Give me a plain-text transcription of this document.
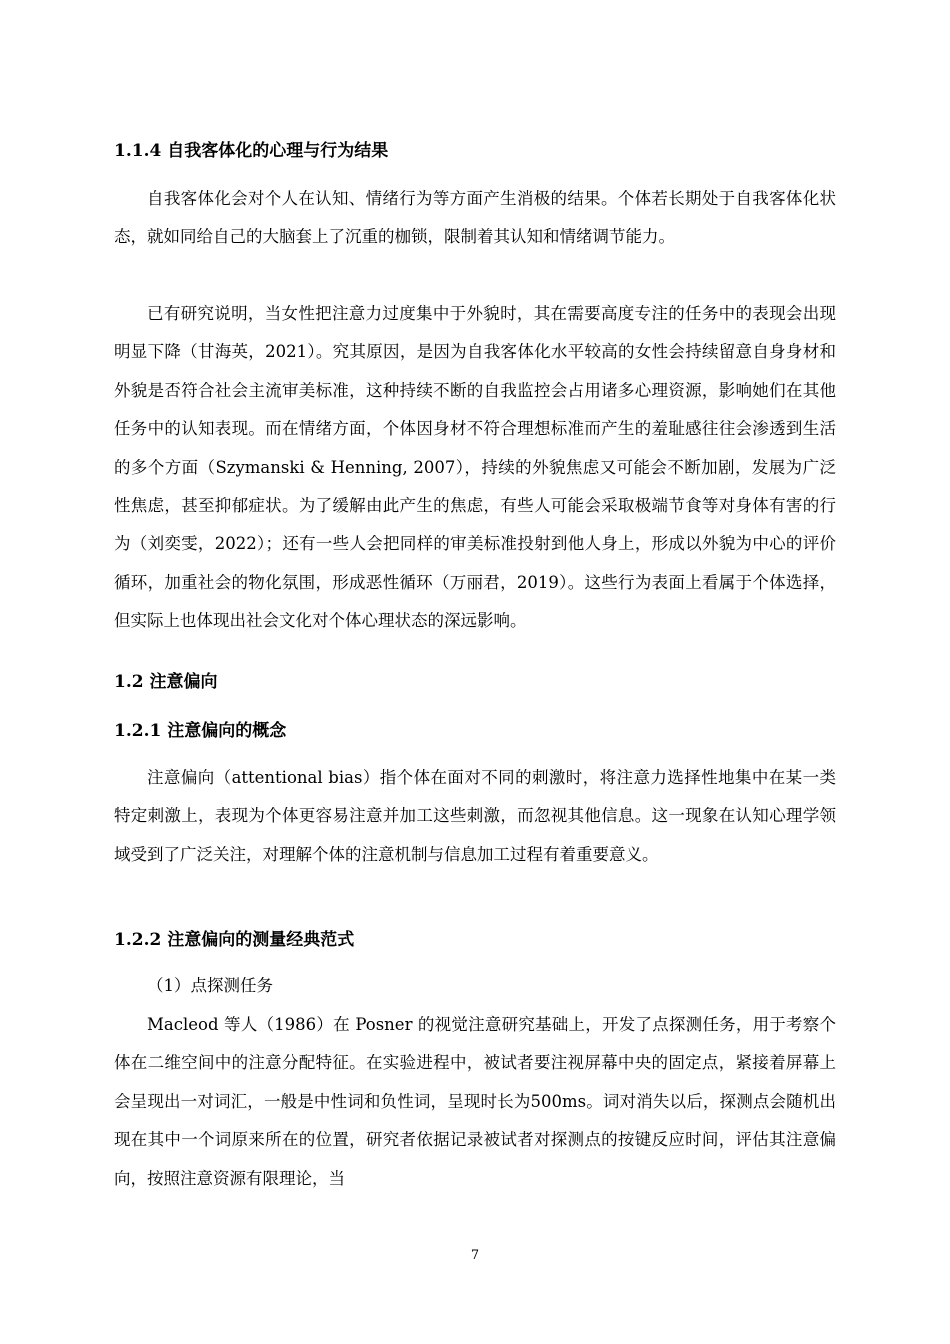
1.1.4 自我客体化的心理与行为结果
自我客体化会对个人在认知、情绪行为等方面产生消极的结果。个体若长期处于自我客体化状态，就如同给自己的大脑套上了沉重的枷锁，限制着其认知和情绪调节能力。
已有研究说明，当女性把注意力过度集中于外貌时，其在需要高度专注的任务中的表现会出现明显下降（甘海英，2021）。究其原因，是因为自我客体化水平较高的女性会持续留意自身身材和外貌是否符合社会主流审美标准，这种持续不断的自我监控会占用诸多心理资源，影响她们在其他任务中的认知表现。而在情绪方面，个体因身材不符合理想标准而产生的羞耻感往往会渗透到生活的多个方面（Szymanski & Henning, 2007），持续的外貌焦虑又可能会不断加剧，发展为广泛性焦虑，甚至抑郁症状。为了缓解由此产生的焦虑，有些人可能会采取极端节食等对身体有害的行为（刘奕雯，2022）；还有一些人会把同样的审美标准投射到他人身上，形成以外貌为中心的评价循环，加重社会的物化氛围，形成恶性循环（万丽君，2019）。这些行为表面上看属于个体选择，但实际上也体现出社会文化对个体心理状态的深远影响。
1.2 注意偏向
1.2.1 注意偏向的概念
注意偏向（attentional bias）指个体在面对不同的刺激时，将注意力选择性地集中在某一类特定刺激上，表现为个体更容易注意并加工这些刺激，而忽视其他信息。这一现象在认知心理学领域受到了广泛关注，对理解个体的注意机制与信息加工过程有着重要意义。
1.2.2 注意偏向的测量经典范式
（1）点探测任务
Macleod 等人（1986）在 Posner 的视觉注意研究基础上，开发了点探测任务，用于考察个体在二维空间中的注意分配特征。在实验进程中，被试者要注视屏幕中央的固定点，紧接着屏幕上会呈现出一对词汇，一般是中性词和负性词，呈现时长为500ms。词对消失以后，探测点会随机出现在其中一个词原来所在的位置，研究者依据记录被试者对探测点的按键反应时间，评估其注意偏向，按照注意资源有限理论，当
7
